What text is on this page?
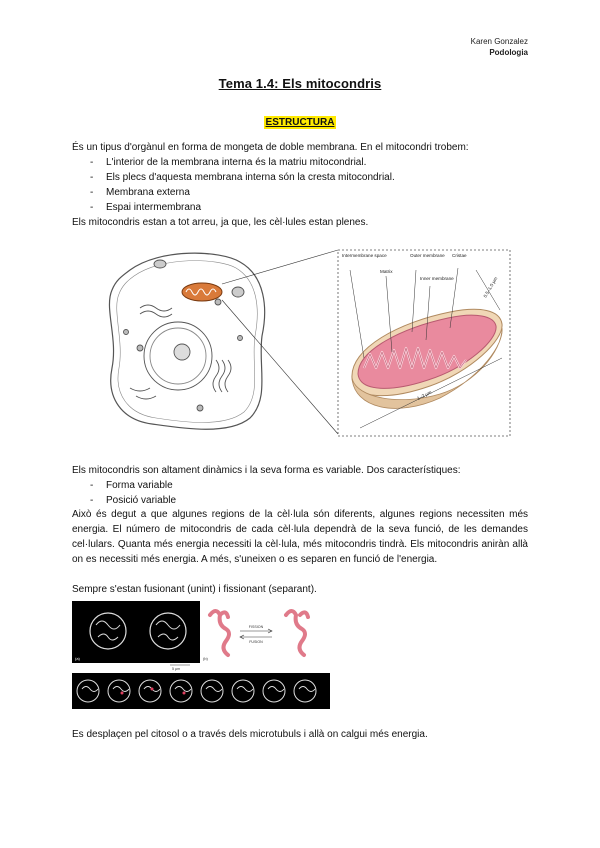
Karen Gonzalez
Podologia
Tema 1.4: Els mitocondris
ESTRUCTURA

És un tipus d'orgànul en forma de mongeta de doble membrana. En el mitocondri trobem:

- L'interior de la membrana interna és la matriu mitocondrial.
- Els plecs d'aquesta membrana interna són la cresta mitocondrial.
- Membrana externa
- Espai intermembrana

Els mitocondris estan a tot arreu, ja que, les cèl·lules estan plenes.

Intermembrane space
Matrix
Outer membrane
Inner membrane
Cristae
0.5–1.0 µm
1–2 µm

Els mitocondris son altament dinàmics i la seva forma es variable. Dos característiques:

- Forma variable
- Posició variable

Això és degut a que algunes regions de la cèl·lula són diferents, algunes regions necessiten més energia. El número de mitocondris de cada cèl·lula dependrà de la seva funció, de les demandes cel·lulars. Quanta més energia necessiti la cèl·lula, més mitocondris tindrà. Els mitocondris aniràn allà on es necessiti més energia. A més, s'uneixen o es separen en funció de l'energia.

Sempre s'estan fusionant (unint) i fissionant (separant).

(a)
FISSION
FUSION
(b)
5 µm

Es desplaçen pel citosol o a través dels microtubuls i allà on calgui més energia.
